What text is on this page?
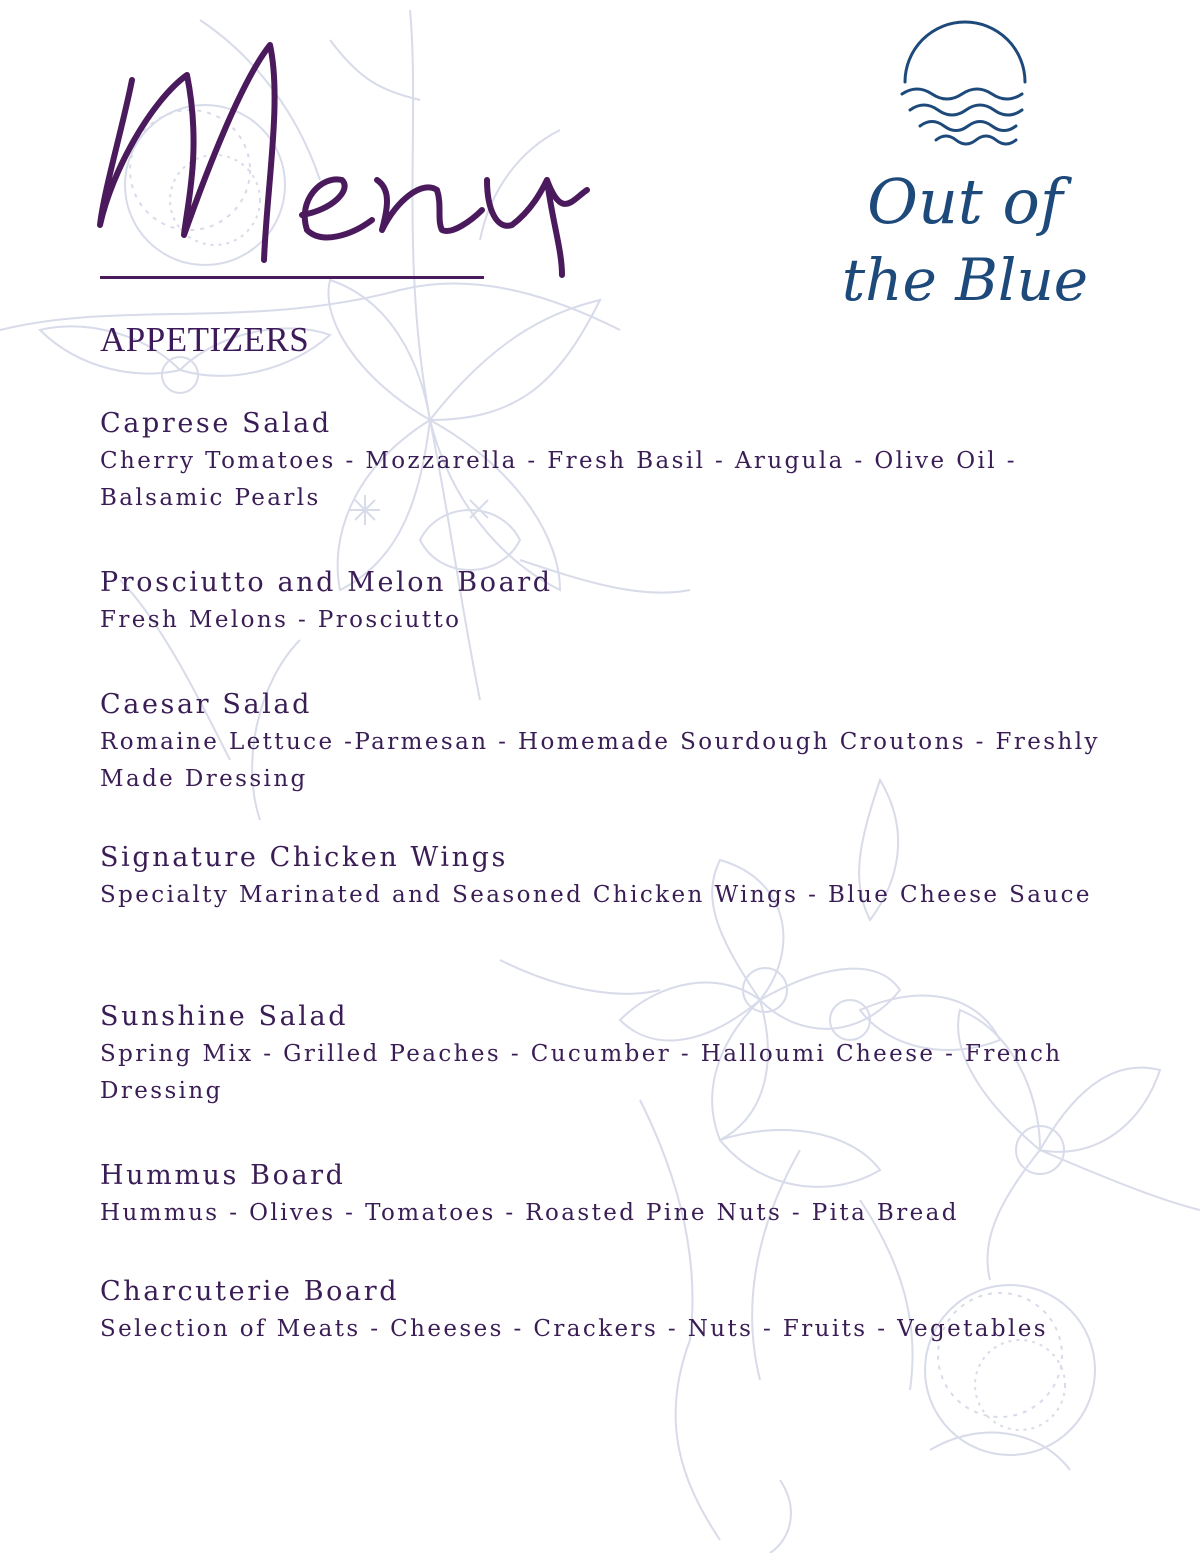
Out of
the Blue
APPETIZERS
Caprese Salad

Cherry Tomatoes - Mozzarella - Fresh Basil - Arugula - Olive Oil - Balsamic Pearls

Prosciutto and Melon Board

Fresh Melons - Prosciutto

Caesar Salad

Romaine Lettuce -Parmesan - Homemade Sourdough Croutons - Freshly Made Dressing

Signature Chicken Wings

Specialty Marinated and Seasoned Chicken Wings - Blue Cheese Sauce

Sunshine Salad

Spring Mix - Grilled Peaches - Cucumber - Halloumi Cheese - French Dressing

Hummus Board

Hummus - Olives - Tomatoes - Roasted Pine Nuts - Pita Bread

Charcuterie Board

Selection of Meats - Cheeses - Crackers - Nuts - Fruits - Vegetables
